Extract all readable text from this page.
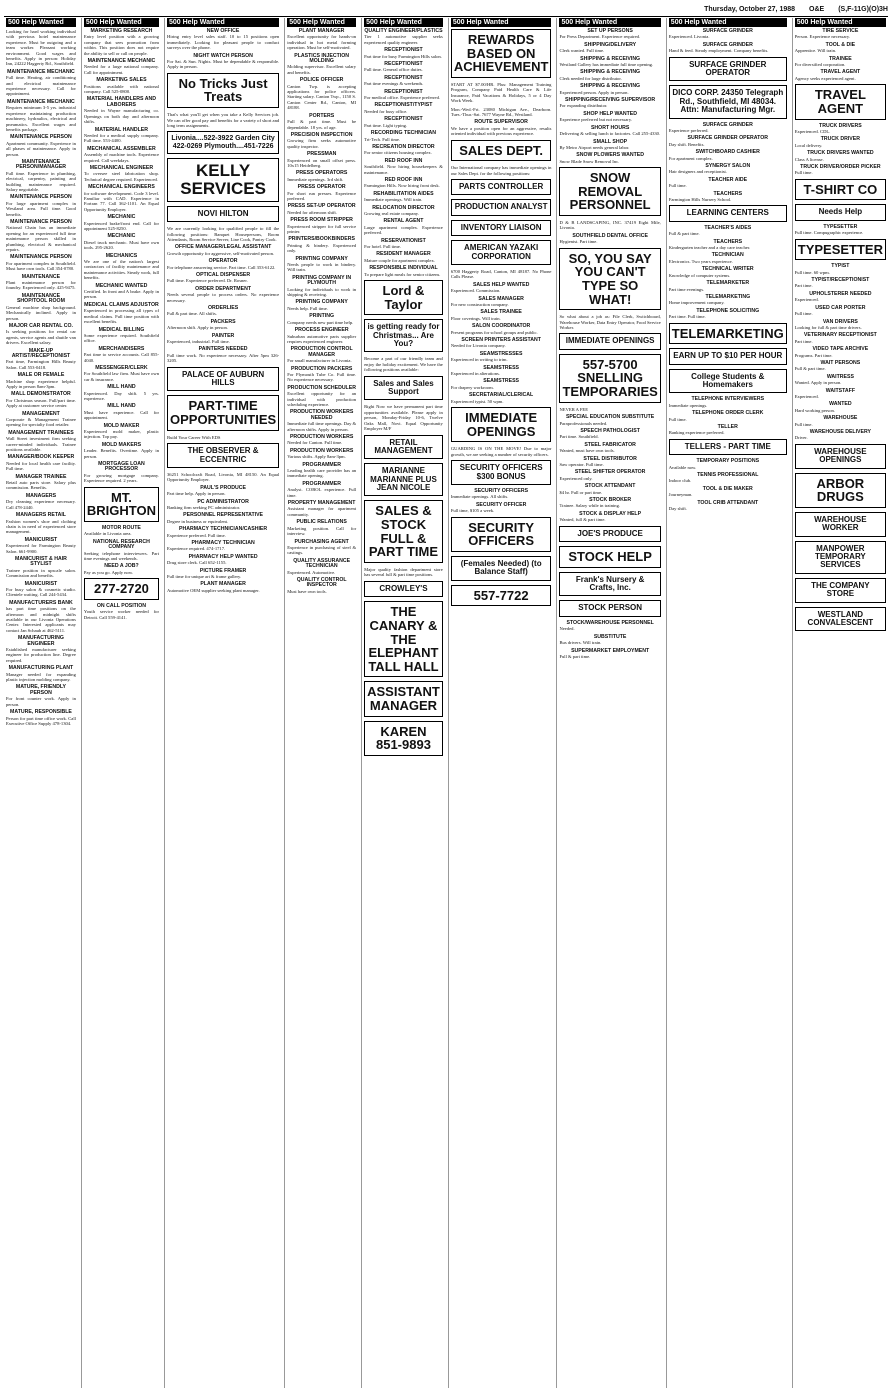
Thursday, October 27, 1988 O&E (S,F-11G)(O)3H
500 Help Wanted
Looking for hard working individual with previous hotel maintenance experience. Must be outgoing and a team worker. Pleasant working environment. Good wages and benefits. Apply in person: Holiday Inn, 24222 Haggerty Rd., Southfield.
MAINTENANCE MECHANIC
Full time. Heating, air conditioning and electrical maintenance experience necessary. Call for appointment.
MAINTENANCE MECHANIC
Requires minimum 3-5 yrs. industrial experience maintaining production machinery, hydraulics, electrical and pneumatics. Excellent wages and benefits package.
MAINTENANCE PERSON
Apartment community. Experience in all phases of maintenance. Apply in person.
MAINTENANCE PERSON/MANAGER
Full time. Experience in plumbing, electrical, carpentry, painting and building maintenance required. Salary negotiable.
MAINTENANCE PERSON
For large apartment complex in Westland area. Full time. Good benefits.
MAINTENANCE PERSON
National Chain has an immediate opening for an experienced full time maintenance person skilled in plumbing, electrical & mechanical repairs.
MAINTENANCE PERSON
For apartment complex in Southfield. Must have own tools. Call 354-0780.
MAINTENANCE
Plant maintenance person for foundry. Experienced only. 425-9475.
MAINTENANCE SHOP/TOOL ROOM
General machine shop background. Mechanically inclined. Apply in person.
MAJOR CAR RENTAL CO.
Is seeking positions for rental car agents, service agents and shuttle van drivers. Excellent salary.
MAKE-UP ARTIST/RECEPTIONIST
Part time, Farmington Hills Beauty Salon. Call 553-0418.
MALE OR FEMALE
Machine shop experience helpful. Apply in person 8am-3pm.
MALL DEMONSTRATOR
For Christmas season. Full/part time. Apply at customer service center.
MANAGEMENT
Corporate & Management Trainee opening for specialty food retailer.
MANAGEMENT TRAINEES
Wall Street investment firm seeking career-minded individuals. Trainee positions available.
MANAGER/BOOK KEEPER
Needed for local health care facility. Full time.
MANAGER TRAINEE
Retail auto parts store. Salary plus commission. Benefits.
MANAGERS
Dry cleaning experience necessary. Call 478-2440.
MANAGERS RETAIL
Fashion women's shoe and clothing chain is in need of experienced store management.
MANICURIST
Experienced for Farmington Beauty Salon. 661-9900.
MANICURIST & HAIR STYLIST
Trainee position in upscale salon. Commission and benefits.
MANICURIST
For busy salon & cosmetic studio. Clientele waiting. Call 244-5434.
MANUFACTURERS BANK
has part time positions on the afternoon and midnight shifts available in our Livonia Operations Center. Interested applicants may contact Jan Schaub at 462-5111.
MANUFACTURING ENGINEER
Established manufacturer seeking engineer for production line. Degree required.
MANUFACTURING PLANT
Manager needed for expanding plastic injection molding company.
MATURE, FRIENDLY PERSON
For front counter work. Apply in person.
MATURE, RESPONSIBLE
Person for part time office work. Call Executive Office Supply 478-1304.
500 Help Wanted
MARKETING RESEARCH
Entry level position with a growing company that sees promotion from within. This position does not require the ability to sell or call on people.
MAINTENANCE MECHANIC
Needed for a large national company. Call for appointment.
MARKETING SALES
Positions available with national company. Call 525-0800.
MATERIAL HANDLERS AND LABORERS
Needed in Wayne manufacturing co. Openings on both day and afternoon shifts.
MATERIAL HANDLER
Needed for a medical supply company. Full time. 553-4400.
MECHANICAL ASSEMBLER
Assembly of machine tools. Experience required. Call weekdays.
MECHANICAL ENGINEER
To oversee steel fabrication shop. Technical degree required. Experienced.
MECHANICAL ENGINEERS
for software development. Code 3 level. Familiar with CAD. Experience in Fortran 77. Call 362-1101. An Equal Opportunity Employer.
MECHANIC
Experienced brake/front end. Call for appointment 525-8250.
MECHANIC
Diesel truck mechanic. Must have own tools. 295-2620.
MECHANICS
We are one of the nation's largest contractors of facility maintenance and maintenance activities. Steady work, full benefits.
MECHANIC WANTED
Certified. In front and A brake. Apply in person.
MEDICAL CLAIMS ADJUSTOR
Experienced in processing all types of medical claims. Full time position with excellent benefits.
MEDICAL BILLING
Some experience required. Southfield office.
MERCHANDISERS
Part time to service accounts. Call 855-4040.
MESSENGER/CLERK
For Southfield law firm. Must have own car & insurance.
MILL HAND
Experienced. Day shift. 5 yrs. experience.
MILL HAND
Must have experience. Call for appointment.
MOLD MAKER
Experienced mold maker, plastic injection. Top pay.
MOLD MAKERS
Leader. Benefits. Overtime. Apply in person.
MORTGAGE LOAN PROCESSOR
For growing mortgage company. Experience required. 2 years.
MT. BRIGHTON
MOTOR ROUTE
Available in Livonia area.
NATIONAL RESEARCH COMPANY
Seeking telephone interviewers. Part time evenings and weekends.
NEED A JOB?
Pay as you go. Apply now.
277-2720
ON CALL POSITION
Youth service worker needed for Detroit. Call 559-4141.
500 Help Wanted
NEW OFFICE
Hiring entry level sales staff. 10 to 15 positions open immediately. Looking for pleasant people to conduct surveys over the phone.
NIGHT WATCH PERSON
For Sat. & Sun. Nights. Must be dependable & responsible. Apply in person.
No Tricks Just Treats
That's what you'll get when you take a Kelly Services job. We can offer good pay and benefits for a variety of short and long term assignments.
Livonia....522-3922 Garden City 422-0269 Plymouth....451-7226
KELLY SERVICES
NOVI HILTON
We are currently looking for qualified people to fill the following positions: Banquet Housepersons, Room Attendants, Room Service Server, Line Cook, Pantry Cook.
OFFICE MANAGER/LEGAL ASSISTANT
Growth opportunity for aggressive, self-motivated person.
OPERATOR
For telephone answering service. Part time. Call 353-6122.
OPTICAL DISPENSER
Full time. Experience preferred. Dr. Rosner.
ORDER DEPARTMENT
Needs several people to process orders. No experience necessary.
ORDERLIES
Full & part time. All shifts.
PACKERS
Afternoon shift. Apply in person.
PAINTER
Experienced, industrial. Full time.
PAINTERS NEEDED
Full time work. No experience necessary. After 5pm 326-3205.
PALACE OF AUBURN HILLS
PART-TIME OPPORTUNITIES
Build Your Career With EDS
THE OBSERVER & ECCENTRIC
36251 Schoolcraft Road, Livonia, MI 48150. An Equal Opportunity Employer.
PAUL'S PRODUCE
Part time help. Apply in person.
PC ADMINISTRATOR
Banking firm seeking PC administrator.
PERSONNEL REPRESENTATIVE
Degree in business or equivalent.
PHARMACY TECHNICIAN/CASHIER
Experience preferred. Full time.
PHARMACY TECHNICIAN
Experience required. 474-1717.
PHARMACY HELP WANTED
Drug store clerk. Call 652-1155.
PICTURE FRAMER
Full time for unique art & frame gallery.
PLANT MANAGER
Automotive OEM supplier seeking plant manager.
500 Help Wanted
PLANT MANAGER
Excellent opportunity for hands-on individual in hot metal forming operation. Must be self-motivated.
PLASTICS INJECTION MOLDING
Molding supervisor. Excellent salary and benefits.
POLICE OFFICER
Canton Twp. is accepting applications for police officers. Starting salary. Canton Twp., 1150 S. Canton Center Rd., Canton, MI 48188.
PORTERS
Full & part time. Must be dependable. 18 yrs. of age.
PRECISION INSPECTION
Growing firm seeks automotive quality inspector.
PRESSMAN
Experienced on small offset press. 10x15 Heidelberg.
PRESS OPERATORS
Immediate openings. 3rd shift.
PRESS OPERATOR
For short run presses. Experience preferred.
PRESS SET-UP OPERATOR
Needed for afternoon shift.
PRESS ROOM STRIPPER
Experienced stripper for full service printer.
PRINTERS/BOOKBINDERS
Printing & bindery. Experienced only.
PRINTING COMPANY
Needs people to work in bindery. Will train.
PRINTING COMPANY IN PLYMOUTH
Looking for individuals to work in shipping & receiving.
PRINTING COMPANY
Needs help. Full time.
PRINTING
Company needs new part time help.
PROCESS ENGINEER
Suburban automotive parts supplier requires experienced engineer.
PRODUCTION CONTROL MANAGER
For small manufacturer in Livonia.
PRODUCTION PACKERS
For Plymouth Tube Co. Full time. No experience necessary.
PRODUCTION SCHEDULER
Excellent opportunity for an individual with production scheduling experience.
PRODUCTION WORKERS NEEDED
Immediate full time openings. Day & afternoon shifts. Apply in person.
PRODUCTION WORKERS
Needed for Canton. Full time.
PRODUCTION WORKERS
Various shifts. Apply 8am-3pm.
PROGRAMMER
Leading health care provider has an immediate opening.
PROGRAMMER
Analyst. COBOL experience. Full time.
PROPERTY MANAGEMENT
Assistant manager for apartment community.
PUBLIC RELATIONS
Marketing position. Call for interview.
PURCHASING AGENT
Experience in purchasing of steel & castings.
QUALITY ASSURANCE TECHNICIAN
Experienced. Automotive.
QUALITY CONTROL INSPECTOR
Must have own tools.
500 Help Wanted
QUALITY ENGINEER/PLASTICS
Tier 1 automotive supplier seeks experienced quality engineer.
RECEPTIONIST
Part time for busy Farmington Hills salon.
RECEPTIONIST
Full time. General office duties.
RECEPTIONIST
Part time evenings & weekends.
RECEPTIONIST
For medical office. Experience preferred.
RECEPTIONIST/TYPIST
Needed for busy office.
RECEPTIONIST
Part time. Light typing.
RECORDING TECHNICIAN
Tri-Tech. Full time.
RECREATION DIRECTOR
For senior citizens housing complex.
RED ROOF INN
Southfield. Now hiring housekeepers & maintenance.
RED ROOF INN
Farmington Hills. Now hiring front desk.
REHABILITATION AIDES
Immediate openings. Will train.
RELOCATION DIRECTOR
Growing real estate company.
RENTAL AGENT
Large apartment complex. Experience preferred.
RESERVATIONIST
For hotel. Full time.
RESIDENT MANAGER
Mature couple for apartment complex.
RESPONSIBLE INDIVIDUAL
To prepare light meals for senior citizens.
Lord & Taylor
is getting ready for Christmas... Are You?
Become a part of our friendly team and enjoy the holiday excitement. We have the following positions available:
Sales and Sales Support
Right Now we have permanent part time opportunities available. Please apply in person, Monday-Friday 10-6, Twelve Oaks Mall, Novi. Equal Opportunity Employer M/F
RETAIL MANAGEMENT
MARIANNE MARIANNE PLUS JEAN NICOLE
SALES & STOCK FULL & PART TIME
Major quality fashion department store has several full & part time positions.
CROWLEY'S
THE CANARY & THE ELEPHANT TALL HALL
ASSISTANT MANAGER
KAREN 851-9893
500 Help Wanted
REWARDS BASED ON ACHIEVEMENT
START AT $7.00/HR. Plus: Management Training Program, Company Paid Health Care & Life Insurance, Paid Vacations & Holidays, 5 or 4 Day Work Week.
Mon.-Wed.-Fri. 23080 Michigan Ave., Dearborn. Tues.-Thur.-Sat. 7677 Wayne Rd., Westland.
ROUTE SUPERVISOR
We have a position open for an aggressive, results oriented individual with previous experience.
SALES DEPT.
Our International company has immediate openings in our Sales Dept. for the following positions:
PARTS CONTROLLER
PRODUCTION ANALYST
INVENTORY LIAISON
AMERICAN YAZAKI CORPORATION
6700 Haggerty Road, Canton, MI 48187. No Phone Calls Please.
SALES HELP WANTED
Experienced. Commission.
SALES MANAGER
For new construction company.
SALES TRAINEE
Floor coverings. Will train.
SALON COORDINATOR
Present programs for school groups and public.
SCREEN PRINTERS ASSISTANT
Needed for Livonia company.
SEAMSTRESSES
Experienced in writing to trim.
SEAMSTRESS
Experienced in alterations.
SEAMSTRESS
For drapery workroom.
SECRETARIAL/CLERICAL
Experienced typist. 50 wpm.
IMMEDIATE OPENINGS
GUARDING IS ON THE MOVE! Due to major growth, we are seeking a number of security officers.
SECURITY OFFICERS $300 BONUS
SECURITY OFFICERS
Immediate openings. All shifts.
SECURITY OFFICER
Full time, $105 a week.
SECURITY OFFICERS
(Females Needed) (to Balance Staff)
557-7722
500 Help Wanted
SET UP PERSONS
For Press Department. Experience required.
SHIPPING/DELIVERY
Clerk wanted. Full time.
SHIPPING & RECEIVING
Westland Gallery has immediate full time opening.
SHIPPING & RECEIVING
Clerk needed for large distributor.
SHIPPING & RECEIVING
Experienced person. Apply in person.
SHIPPING/RECEIVING SUPERVISOR
For expanding distributor.
SHOP HELP WANTED
Experience preferred but not necessary.
SHORT HOURS
Delivering & selling lunch to factories. Call 255-4330.
SMALL SHOP
By Metro Airport needs general labor.
SNOW PLOWERS WANTED
Snow Blade Snow Removal Inc.
SNOW REMOVAL PERSONNEL
D & B LANDSCAPING, INC. 37419 Eight Mile, Livonia.
SOUTHFIELD DENTAL OFFICE
Hygienist. Part time.
SO, YOU SAY YOU CAN'T TYPE SO WHAT!
So what about a job as: File Clerk, Switchboard, Warehouse Worker, Data Entry Operator, Food Service Worker.
IMMEDIATE OPENINGS
557-5700 SNELLING TEMPORARIES
NEVER A FEE
SPECIAL EDUCATION SUBSTITUTE
Paraprofessionals needed.
SPEECH PATHOLOGIST
Part time. Southfield.
STEEL FABRICATOR
Wanted, must have own tools.
STEEL DISTRIBUTOR
Saw operator. Full time.
STEEL SHIFTER OPERATOR
Experienced only.
STOCK ATTENDANT
$4 hr. Full or part time.
STOCK BROKER
Trainee. Salary while in training.
STOCK & DISPLAY HELP
Wanted, full & part time.
JOE'S PRODUCE
STOCK HELP
Frank's Nursery & Crafts, Inc.
STOCK PERSON
STOCK/WAREHOUSE PERSONNEL
Needed.
SUBSTITUTE
Bus drivers. Will train.
SUPERMARKET EMPLOYMENT
Full & part time.
500 Help Wanted
SURFACE GRINDER
Experienced. Livonia.
SURFACE GRINDER
Hand & feed. Steady employment. Company benefits.
SURFACE GRINDER OPERATOR
DICO CORP. 24350 Telegraph Rd., Southfield, MI 48034. Attn: Manufacturing Mgr.
SURFACE GRINDER
Experience preferred.
SURFACE GRINDER OPERATOR
Day shift. Benefits.
SWITCHBOARD CASHIER
For apartment complex.
SYNERGY SALON
Hair designers and receptionist.
TEACHER AIDE
Full time.
TEACHERS
Farmington Hills Nursery School.
LEARNING CENTERS
TEACHER'S AIDES
Full & part time.
TEACHERS
Kindergarten teacher and a day care teacher.
TECHNICIAN
Electronics. Two years experience.
TECHNICAL WRITER
Knowledge of computer systems.
TELEMARKETER
Part time evenings.
TELEMARKETING
Home improvement company.
TELEPHONE SOLICITING
Part time. Full time.
TELEMARKETING
EARN UP TO $10 PER HOUR
College Students & Homemakers
TELEPHONE INTERVIEWERS
Immediate openings.
TELEPHONE ORDER CLERK
Full time.
TELLER
Banking experience preferred.
TELLERS - PART TIME
TEMPORARY POSITIONS
Available now.
TENNIS PROFESSIONAL
Indoor club.
TOOL & DIE MAKER
Journeyman.
TOOL CRIB ATTENDANT
Day shift.
500 Help Wanted
TIRE SERVICE
Person. Experience necessary.
TOOL & DIE
Apprentice. Will train.
TRAINEE
For diversified corporation.
TRAVEL AGENT
Agency seeks experienced agent.
TRAVEL AGENT
TRUCK DRIVERS
Experienced. CDL.
TRUCK DRIVER
Local delivery.
TRUCK DRIVERS WANTED
Class A license.
TRUCK DRIVER/ORDER PICKER
Full time.
T-SHIRT CO
Needs Help
TYPESETTER
Full time. Compugraphic experience.
TYPESETTER
TYPIST
Full time. 60 wpm.
TYPIST/RECEPTIONIST
Part time.
UPHOLSTERER NEEDED
Experienced.
USED CAR PORTER
Full time.
VAN DRIVERS
Looking for full & part time drivers.
VETERINARY RECEPTIONIST
Part time.
VIDEO TAPE ARCHIVE
Programs. Part time.
WAIT PERSONS
Full & part time.
WAITRESS
Wanted. Apply in person.
WAITSTAFF
Experienced.
WANTED
Hard working person.
WAREHOUSE
Full time.
WAREHOUSE DELIVERY
Driver.
WAREHOUSE OPENINGS
ARBOR DRUGS
WAREHOUSE WORKER
MANPOWER TEMPORARY SERVICES
THE COMPANY STORE
WESTLAND CONVALESCENT
